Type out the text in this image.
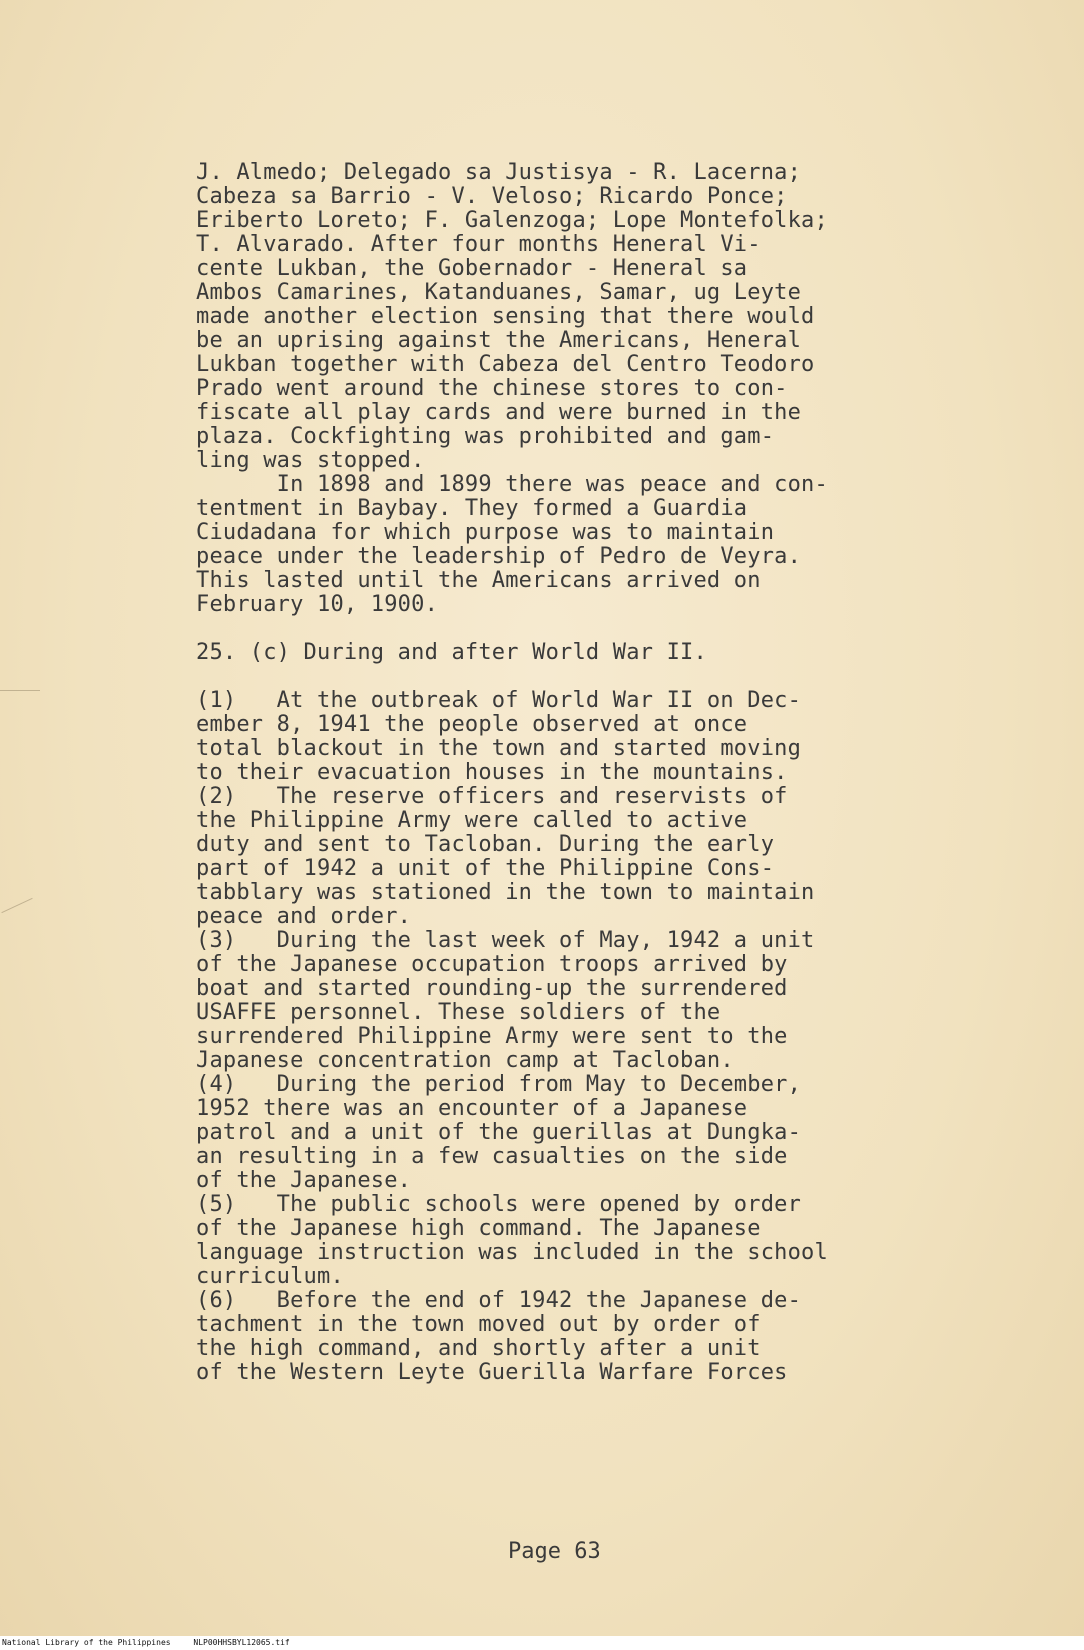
J. Almedo; Delegado sa Justisya - R. Lacerna;
Cabeza sa Barrio - V. Veloso; Ricardo Ponce;
Eriberto Loreto; F. Galenzoga; Lope Montefolka;
T. Alvarado. After four months Heneral Vi-
cente Lukban, the Gobernador - Heneral sa
Ambos Camarines, Katanduanes, Samar, ug Leyte
made another election sensing that there would
be an uprising against the Americans, Heneral
Lukban together with Cabeza del Centro Teodoro
Prado went around the chinese stores to con-
fiscate all play cards and were burned in the
plaza. Cockfighting was prohibited and gam-
ling was stopped.
In 1898 and 1899 there was peace and con-
tentment in Baybay. They formed a Guardia
Ciudadana for which purpose was to maintain
peace under the leadership of Pedro de Veyra.
This lasted until the Americans arrived on
February 10, 1900.
25. (c) During and after World War II.
(1)   At the outbreak of World War II on Dec-
ember 8, 1941 the people observed at once
total blackout in the town and started moving
to their evacuation houses in the mountains.
(2)   The reserve officers and reservists of
the Philippine Army were called to active
duty and sent to Tacloban. During the early
part of 1942 a unit of the Philippine Cons-
tabblary was stationed in the town to maintain
peace and order.
(3)   During the last week of May, 1942 a unit
of the Japanese occupation troops arrived by
boat and started rounding-up the surrendered
USAFFE personnel. These soldiers of the
surrendered Philippine Army were sent to the
Japanese concentration camp at Tacloban.
(4)   During the period from May to December,
1952 there was an encounter of a Japanese
patrol and a unit of the guerillas at Dungka-
an resulting in a few casualties on the side
of the Japanese.
(5)   The public schools were opened by order
of the Japanese high command. The Japanese
language instruction was included in the school
curriculum.
(6)   Before the end of 1942 the Japanese de-
tachment in the town moved out by order of
the high command, and shortly after a unit
of the Western Leyte Guerilla Warfare Forces
Page 63
National Library of the Philippines	NLP00HHSBYL12065.tif
